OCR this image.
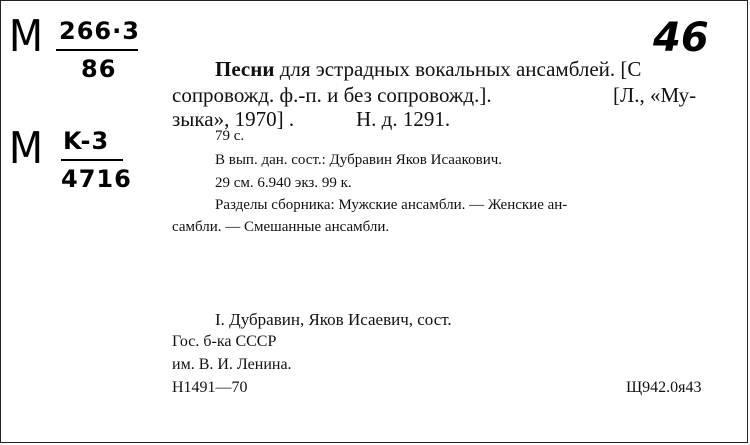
M 266·3
86
M K-3
4716
46
Песни для эстрадных вокальных ансамблей. [С
сопровожд. ф.-п. и без сопровожд.].	[Л., «Му-
зыка», 1970] .	Н. д. 1291.
79 с.
В вып. дан. сост.: Дубравин Яков Исаакович.
29 см. 6.940 экз. 99 к.
Разделы сборника: Мужские ансамбли. — Женские ан-
самбли. — Смешанные ансамбли.
I. Дубравин, Яков Исаевич, сост.
Гос. б-ка СССР
им. В. И. Ленина.
Н1491—70	Щ942.0я43
